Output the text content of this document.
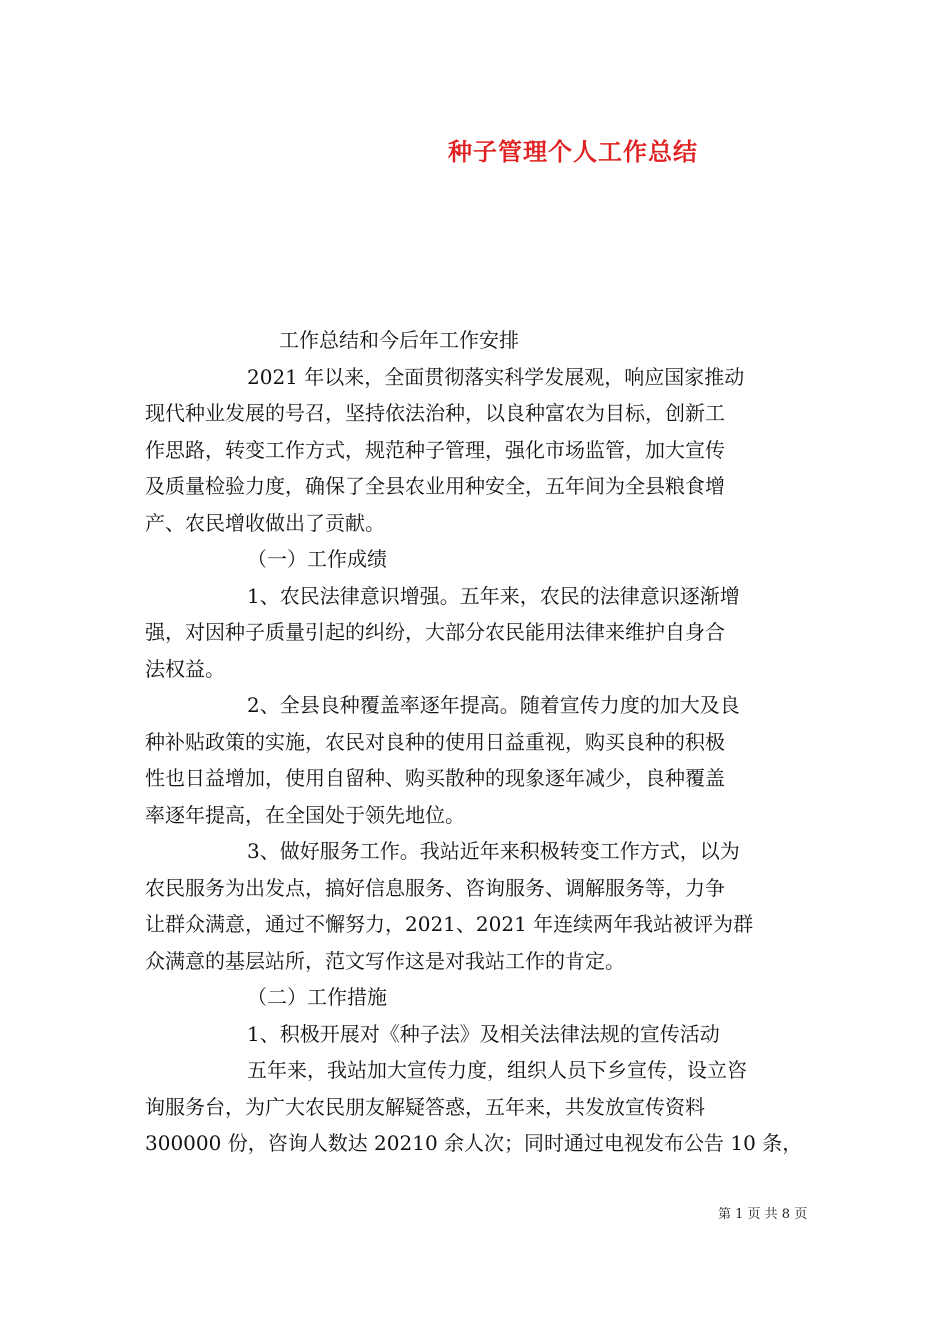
种子管理个人工作总结
工作总结和今后年工作安排
2021 年以来，全面贯彻落实科学发展观，响应国家推动
现代种业发展的号召，坚持依法治种，以良种富农为目标，创新工
作思路，转变工作方式，规范种子管理，强化市场监管，加大宣传
及质量检验力度，确保了全县农业用种安全，五年间为全县粮食增
产、农民增收做出了贡献。
（一）工作成绩
1、农民法律意识增强。五年来，农民的法律意识逐渐增
强，对因种子质量引起的纠纷，大部分农民能用法律来维护自身合
法权益。
2、全县良种覆盖率逐年提高。随着宣传力度的加大及良
种补贴政策的实施，农民对良种的使用日益重视，购买良种的积极
性也日益增加，使用自留种、购买散种的现象逐年减少，良种覆盖
率逐年提高，在全国处于领先地位。
3、做好服务工作。我站近年来积极转变工作方式，以为
农民服务为出发点，搞好信息服务、咨询服务、调解服务等，力争
让群众满意，通过不懈努力，2021、2021 年连续两年我站被评为群
众满意的基层站所，范文写作这是对我站工作的肯定。
（二）工作措施
1、积极开展对《种子法》及相关法律法规的宣传活动
五年来，我站加大宣传力度，组织人员下乡宣传，设立咨
询服务台，为广大农民朋友解疑答惑，五年来，共发放宣传资料
300000 份，咨询人数达 20210 余人次；同时通过电视发布公告 10 条，
第 1 页 共 8 页
